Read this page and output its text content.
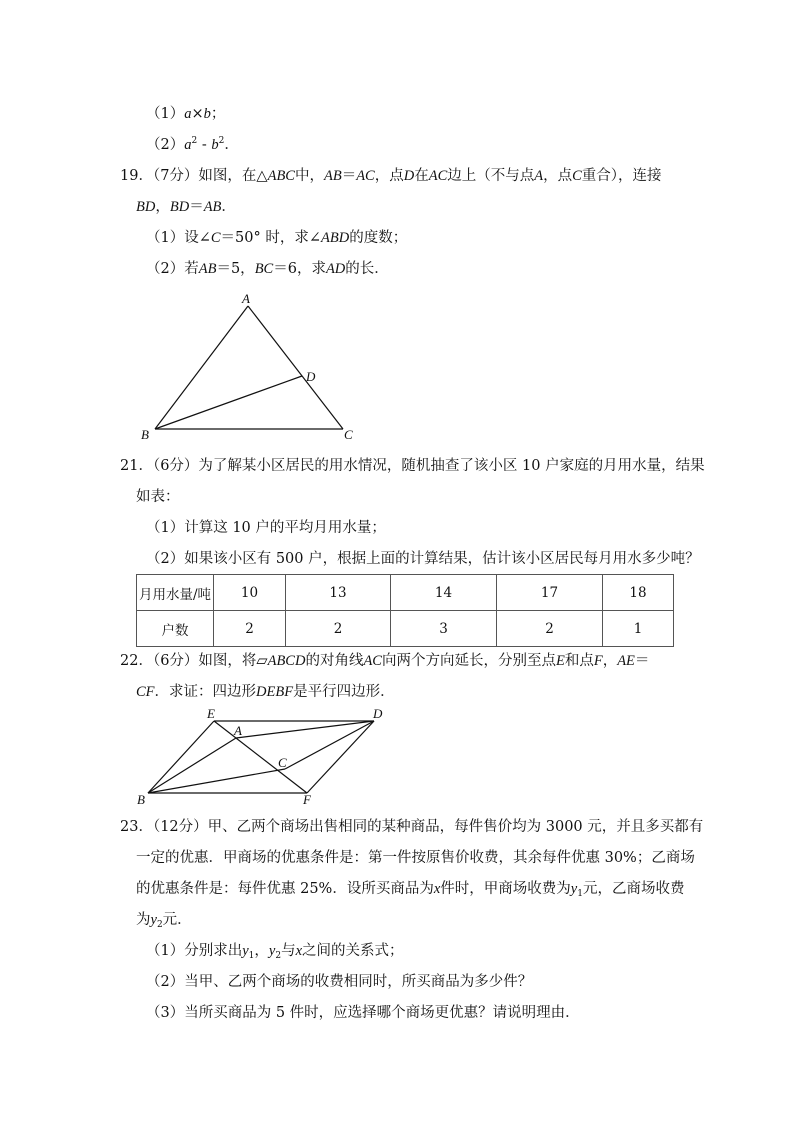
（1）a×b；
$(2)a^2 - b^2$．
19．（7分）如图，在△ABC中，AB＝AC，点D在AC边上（不与点A，点C重合），连接
BD，BD＝AB．
（1）设∠C＝50° 时，求∠ABD的度数；
（2）若AB＝5，BC＝6，求AD的长．
A
D
B	C
21．（6分）为了解某小区居民的用水情况，随机抽查了该小区 10 户家庭的月用水量，结果
如表：
（1）计算这 10 户的平均月用水量；
（2）如果该小区有 500 户，根据上面的计算结果，估计该小区居民每月用水多少吨？
月用水量/吨	10	13	14	17	18
户数	2	2	3	2	1
22．（6分）如图，将▱ABCD的对角线AC向两个方向延长，分别至点E和点F，AE＝
CF．求证：四边形DEBF是平行四边形．
E	D
A
C
B	F
23．（12分）甲、乙两个商场出售相同的某种商品，每件售价均为 3000 元，并且多买都有
一定的优惠．甲商场的优惠条件是：第一件按原售价收费，其余每件优惠 30%；乙商场
的优惠条件是：每件优惠 25%．设所买商品为x件时，甲商场收费为$y_1$元，乙商场收费
为$y_2$元．
（1）分别求出$y_1$，$y_2$与x之间的关系式；
（2）当甲、乙两个商场的收费相同时，所买商品为多少件？
（3）当所买商品为 5 件时，应选择哪个商场更优惠？请说明理由．
